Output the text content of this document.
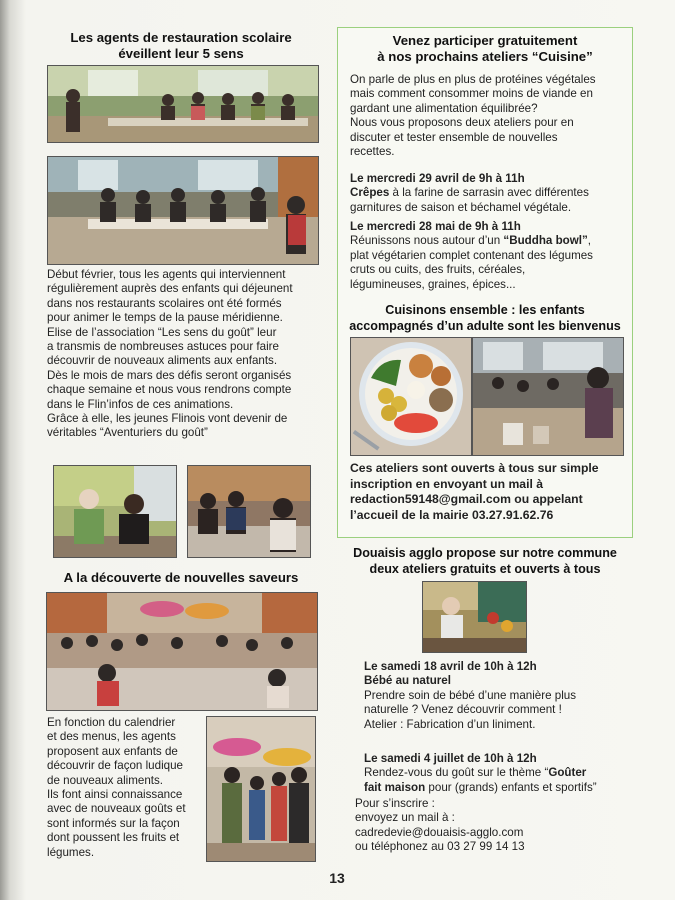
Les agents de restauration scolaire
éveillent leur 5 sens
Début février, tous les agents qui interviennent
régulièrement auprès des enfants qui déjeunent
dans nos restaurants scolaires ont été formés
pour animer le temps de la pause méridienne.
Elise de l’association “Les sens du goût” leur
a transmis de nombreuses astuces pour faire
découvrir de nouveaux aliments aux enfants.
Dès le mois de mars des défis seront organisés
chaque semaine et nous vous rendrons compte
dans le Flin’infos de ces animations.
Grâce à elle, les jeunes Flinois vont devenir de
véritables “Aventuriers du goût”
A la découverte de nouvelles saveurs
En fonction du calendrier
et des menus, les agents
proposent aux enfants de
découvrir de façon ludique
de nouveaux aliments.
Ils font ainsi connaissance
avec de nouveaux goûts et
sont informés sur la façon
dont poussent les fruits et
légumes.
Venez participer gratuitement
à nos prochains ateliers “Cuisine”
On parle de plus en plus de protéines végétales
mais comment consommer moins de viande en
gardant une alimentation équilibrée?
Nous vous proposons deux ateliers pour en
discuter et tester ensemble de nouvelles
recettes.
Le mercredi 29 avril de 9h à 11h
Crêpes à la farine de sarrasin avec différentes
garnitures de saison et béchamel végétale.
Le mercredi 28 mai de 9h à 11h
Réunissons nous autour d’un “Buddha bowl”,
plat végétarien complet contenant des légumes
cruts ou cuits, des fruits, céréales,
légumineuses, graines, épices...
Cuisinons ensemble : les enfants
accompagnés d’un adulte sont les bienvenus
Ces ateliers sont ouverts à tous sur simple
inscription en envoyant un mail à
redaction59148@gmail.com ou appelant
l’accueil de la mairie 03.27.91.62.76
Douaisis agglo propose sur notre commune
deux ateliers gratuits et ouverts à tous
Le samedi 18 avril de 10h à 12h
Bébé au naturel
Prendre soin de bébé d’une manière plus
naturelle ? Venez découvrir comment !
Atelier : Fabrication d’un liniment.
Le samedi 4 juillet de 10h à 12h
Rendez-vous du goût sur le thème “Goûter
fait maison pour (grands) enfants et sportifs”
Pour s’inscrire :
envoyez un mail à :
cadredevie@douaisis-agglo.com
ou téléphonez au 03 27 99 14 13
13
